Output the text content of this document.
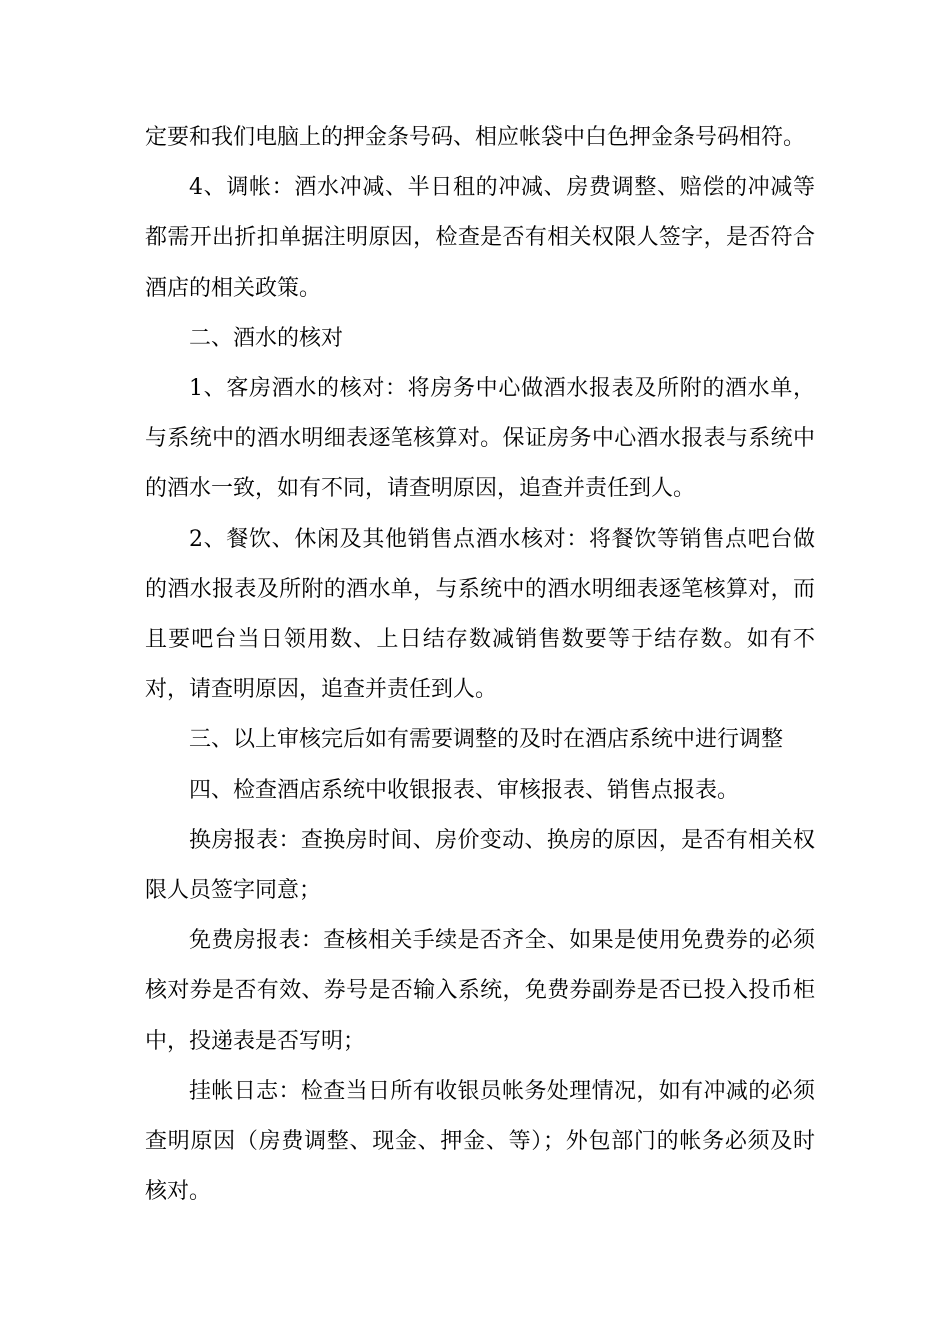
定要和我们电脑上的押金条号码、相应帐袋中白色押金条号码相符。

4、调帐：酒水冲减、半日租的冲减、房费调整、赔偿的冲减等都需开出折扣单据注明原因，检查是否有相关权限人签字，是否符合酒店的相关政策。

二、酒水的核对

1、客房酒水的核对：将房务中心做酒水报表及所附的酒水单，与系统中的酒水明细表逐笔核算对。保证房务中心酒水报表与系统中的酒水一致，如有不同，请查明原因，追查并责任到人。

2、餐饮、休闲及其他销售点酒水核对：将餐饮等销售点吧台做的酒水报表及所附的酒水单，与系统中的酒水明细表逐笔核算对，而且要吧台当日领用数、上日结存数减销售数要等于结存数。如有不对，请查明原因，追查并责任到人。

三、以上审核完后如有需要调整的及时在酒店系统中进行调整

四、检查酒店系统中收银报表、审核报表、销售点报表。

换房报表：查换房时间、房价变动、换房的原因，是否有相关权限人员签字同意；

免费房报表：查核相关手续是否齐全、如果是使用免费券的必须核对券是否有效、券号是否输入系统，免费券副券是否已投入投币柜中，投递表是否写明；

挂帐日志：检查当日所有收银员帐务处理情况，如有冲减的必须查明原因（房费调整、现金、押金、等）；外包部门的帐务必须及时核对。
